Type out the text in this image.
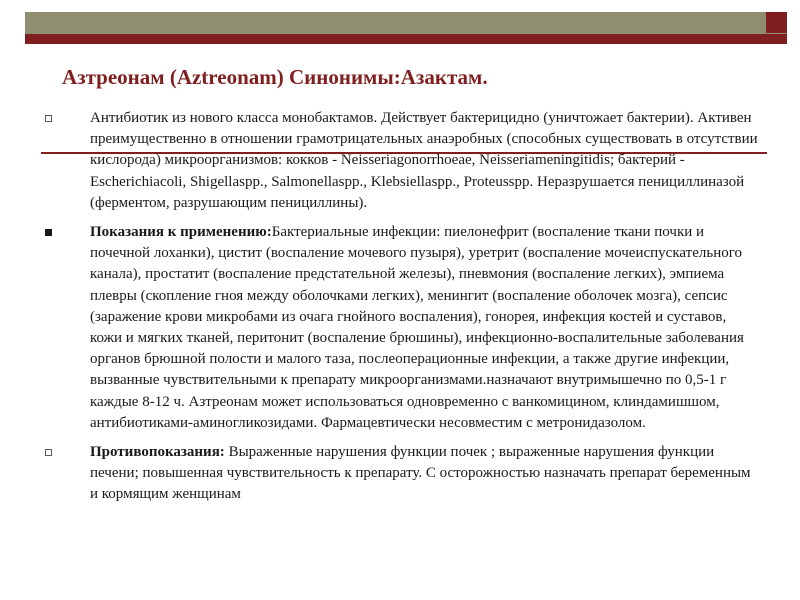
Азтреонам (Aztreonam) Синонимы:Азактам.
Антибиотик из нового класса монобактамов. Действует бактерицидно (уничтожает бактерии). Активен преимущественно в отношении грамотрицательных анаэробных (способных существовать в отсутствии кислорода) микроорганизмов: кокков - Neisseriagonorrhoeae, Neisseriameningitidis; бактерий - Escherichiacoli, Shigellaspp., Salmonellaspp., Klebsiellaspp., Proteusspp. Неразрушается пенициллиназой (ферментом, разрушающим пенициллины).
Показания к применению:Бактериальные инфекции: пиелонефрит (воспаление ткани почки и почечной лоханки), цистит (воспаление мочевого пузыря), уретрит (воспаление мочеиспускательного канала), простатит (воспаление предстательной железы), пневмония (воспаление легких), эмпиема плевры (скопление гноя между оболочками легких), менингит (воспаление оболочек мозга), сепсис (заражение крови микробами из очага гнойного воспаления), гонорея, инфекция костей и суставов, кожи и мягких тканей, перитонит (воспаление брюшины), инфекционно-воспалительные заболевания органов брюшной полости и малого таза, послеоперационные инфекции, а также другие инфекции, вызванные чувствительными к препарату микроорганизмами.назначают внутримышечно по 0,5-1 г каждые 8-12 ч. Азтреонам может использоваться одновременно с ванкомицином, клиндамишшом, антибиотиками-аминогликозидами. Фармацевтически несовместим с метронидазолом.
Противопоказания: Выраженные нарушения функции почек ; выраженные нарушения функции печени; повышенная чувствительность к препарату. С осторожностью назначать препарат беременным и кормящим женщинам
